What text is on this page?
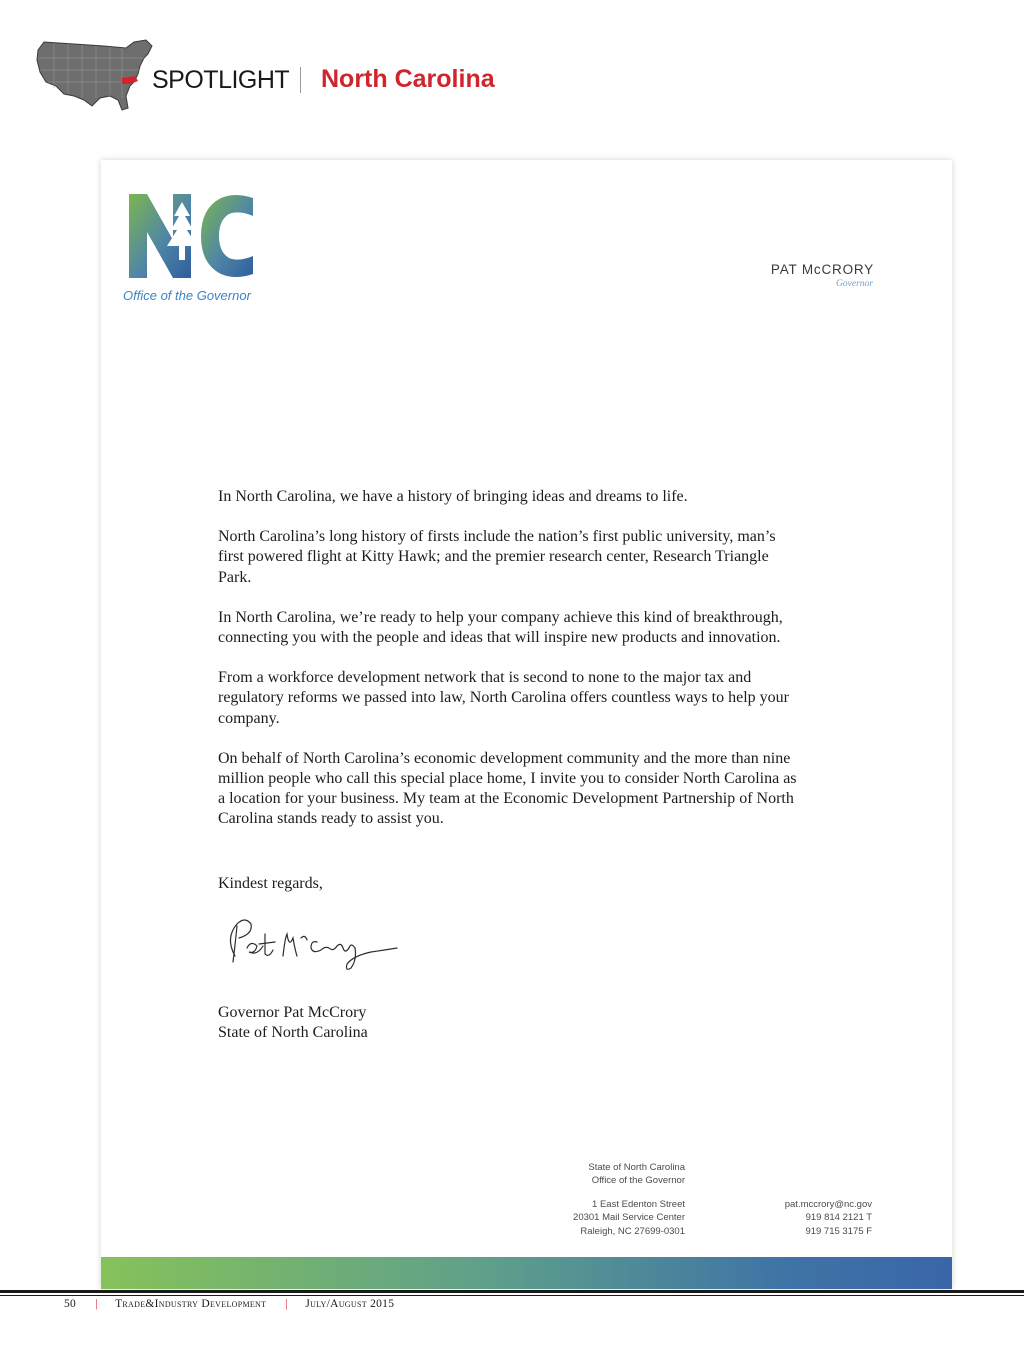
SPOTLIGHT North Carolina
Office of the Governor
PAT McCRORY
Governor

In North Carolina, we have a history of bringing ideas and dreams to life.

North Carolina’s long history of firsts include the nation’s first public university, man’s first powered flight at Kitty Hawk; and the premier research center, Research Triangle Park.

In North Carolina, we’re ready to help your company achieve this kind of breakthrough, connecting you with the people and ideas that will inspire new products and innovation.

From a workforce development network that is second to none to the major tax and regulatory reforms we passed into law, North Carolina offers countless ways to help your company.

On behalf of North Carolina’s economic development community and the more than nine million people who call this special place home, I invite you to consider North Carolina as a location for your business. My team at the Economic Development Partnership of North Carolina stands ready to assist you.

Kindest regards,
Governor Pat McCrory
State of North Carolina
State of North Carolina
Office of the Governor
1 East Edenton Street
20301 Mail Service Center
Raleigh, NC 27699-0301
pat.mccrory@nc.gov
919 814 2121 T
919 715 3175 F
50 | Trade&Industry Development | July/August 2015
